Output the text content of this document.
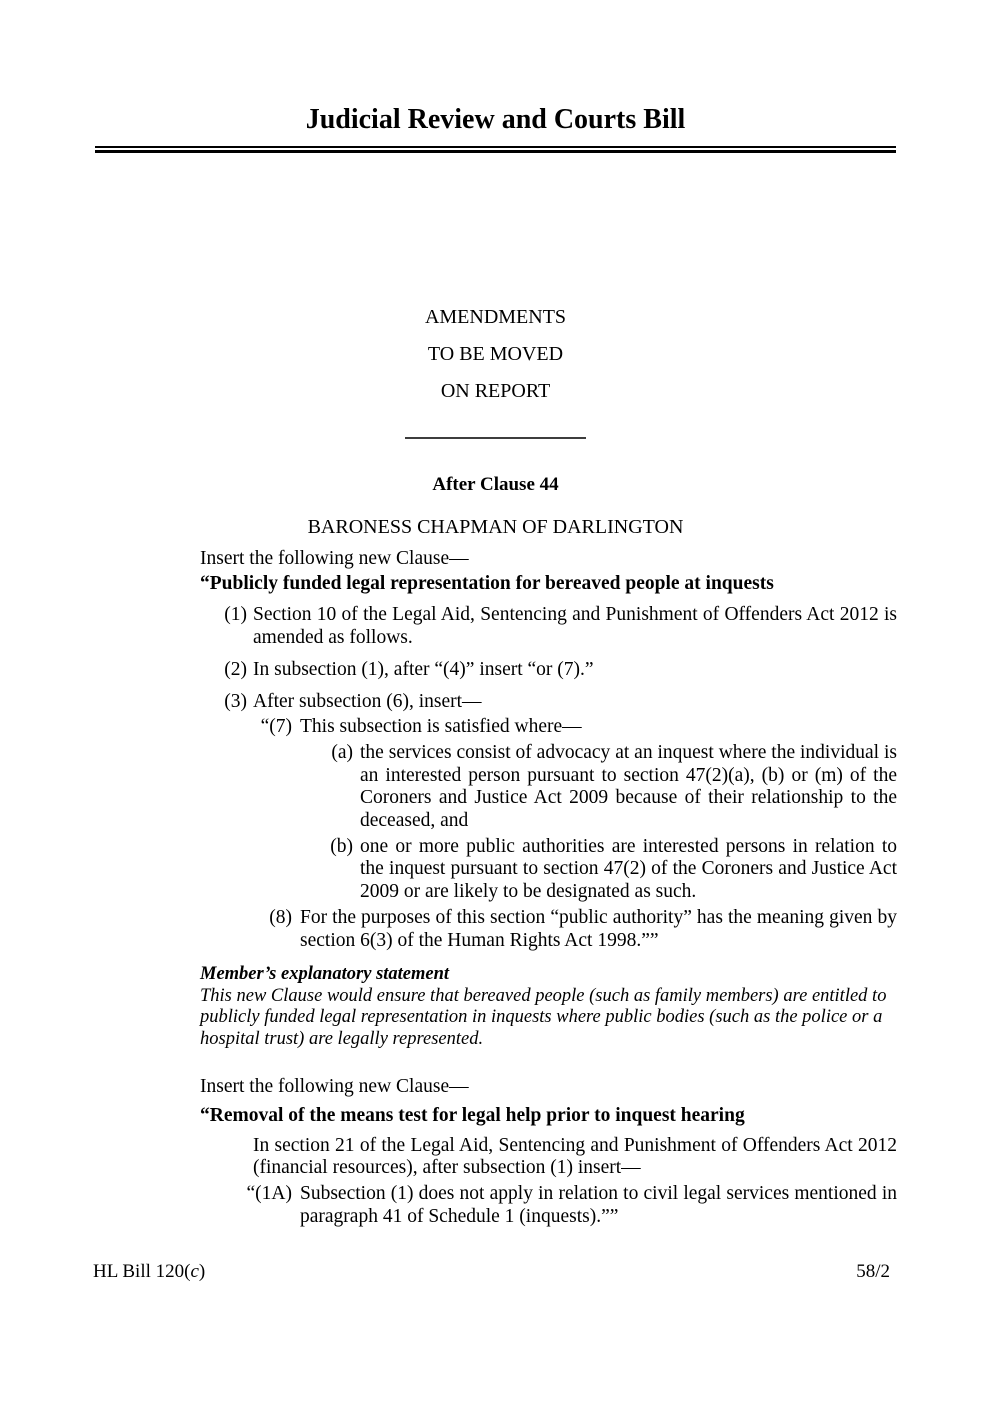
Judicial Review and Courts Bill
AMENDMENTS
TO BE MOVED
ON REPORT
After Clause 44
BARONESS CHAPMAN OF DARLINGTON
Insert the following new Clause—
“Publicly funded legal representation for bereaved people at inquests
(1) Section 10 of the Legal Aid, Sentencing and Punishment of Offenders Act 2012 is amended as follows.
(2) In subsection (1), after “(4)” insert “or (7).”
(3) After subsection (6), insert—
“(7) This subsection is satisfied where—
(a) the services consist of advocacy at an inquest where the individual is an interested person pursuant to section 47(2)(a), (b) or (m) of the Coroners and Justice Act 2009 because of their relationship to the deceased, and
(b) one or more public authorities are interested persons in relation to the inquest pursuant to section 47(2) of the Coroners and Justice Act 2009 or are likely to be designated as such.
(8) For the purposes of this section “public authority” has the meaning given by section 6(3) of the Human Rights Act 1998.””
Member’s explanatory statement
This new Clause would ensure that bereaved people (such as family members) are entitled to publicly funded legal representation in inquests where public bodies (such as the police or a hospital trust) are legally represented.
Insert the following new Clause—
“Removal of the means test for legal help prior to inquest hearing
In section 21 of the Legal Aid, Sentencing and Punishment of Offenders Act 2012 (financial resources), after subsection (1) insert—
“(1A) Subsection (1) does not apply in relation to civil legal services mentioned in paragraph 41 of Schedule 1 (inquests).””
HL Bill 120(c)	58/2
